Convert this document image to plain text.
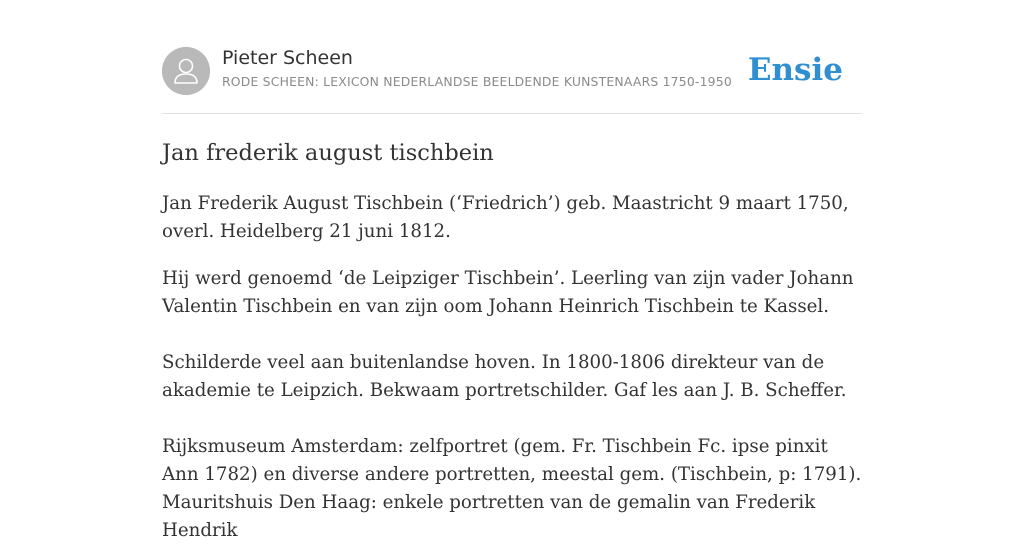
Pieter Scheen
RODE SCHEEN: LEXICON NEDERLANDSE BEELDENDE KUNSTENAARS 1750-1950 Ensie
Jan frederik august tischbein

Jan Frederik August Tischbein (‘Friedrich’) geb. Maastricht 9 maart 1750, overl. Heidelberg 21 juni 1812.

Hij werd genoemd ‘de Leipziger Tischbein’. Leerling van zijn vader Johann Valentin Tischbein en van zijn oom Johann Heinrich Tischbein te Kassel.

Schilderde veel aan buitenlandse hoven. In 1800-1806 direkteur van de akademie te Leipzich. Bekwaam portretschilder. Gaf les aan J. B. Scheffer.

Rijksmuseum Amsterdam: zelfportret (gem. Fr. Tischbein Fc. ipse pinxit Ann 1782) en diverse andere portretten, meestal gem. (Tischbein, p: 1791). Mauritshuis Den Haag: enkele portretten van de gemalin van Frederik Hendrik
